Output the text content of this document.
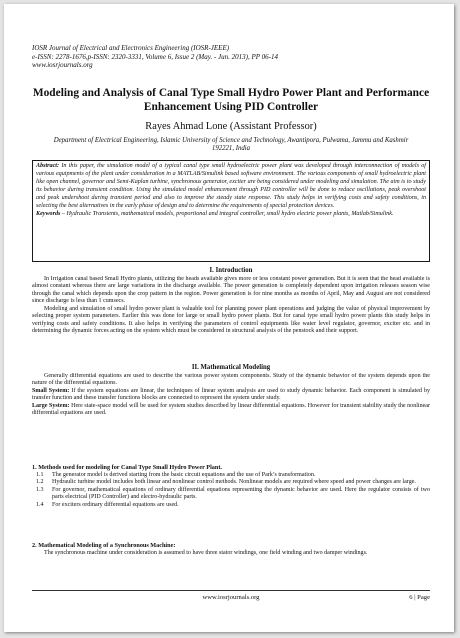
IOSR Journal of Electrical and Electronics Engineering (IOSR-JEEE)
e-ISSN: 2278-1676,p-ISSN: 2320-3331, Volume 6, Issue 2 (May. - Jun. 2013), PP 06-14
www.iosrjournals.org
Modeling and Analysis of Canal Type Small Hydro Power Plant and Performance Enhancement Using PID Controller
Rayes Ahmad Lone (Assistant Professor)
Department of Electrical Engineering, Islamic University of Science and Technology, Awantipora, Pulwama, Jammu and Kashmir 192221, India
Abstract: In this paper, the simulation model of a typical canal type small hydroelectric power plant was developed through interconnection of models of various equipments of the plant under consideration in a MATLAB/Simulink based software environment. The various components of small hydroelectric plant like open channel, governor and Semi-Kaplan turbine, synchronous generator, exciter are being considered under modeling and simulation. The aim is to study its behavior during transient condition. Using the simulated model enhancement through PID controller will be done to reduce oscillations, peak overshoot and peak undershoot during transient period and also to improve the steady state response. This study helps in verifying costs and safety conditions, in selecting the best alternatives in the early phase of design and to determine the requirements of special protection devices.
Keywords – Hydraulic Transients, mathematical models, proportional and integral controller, small hydro electric power plants, Matlab/Simulink.
I. Introduction

In Irrigation canal based Small Hydro plants, utilizing the heads available gives more or less constant power generation. But it is seen that the head available is almost constant whereas there are large variations in the discharge available. The power generation is completely dependent upon irrigation releases season wise through the canal which depends upon the crop pattern in the region. Power generation is for nine months as months of April, May and August are not considered since discharge is less than 1 cumsecs.

Modeling and simulation of small hydro power plant is valuable tool for planning power plant operations and judging the value of physical improvement by selecting proper system parameters. Earlier this was done for large or small hydro power plants. But for canal type small hydro power plants this study helps in verifying costs and safety conditions. It also helps in verifying the parameters of control equipments like water level regulator, governor, exciter etc. and in determining the dynamic forces acting on the system which must be considered in structural analysis of the penstock and their support.

II. Mathematical Modeling

Generally differential equations are used to describe the various power system components. Study of the dynamic behavior of the system depends upon the nature of the differential equations.

Small System: If the system equations are linear, the techniques of linear system analysis are used to study dynamic behavior. Each component is simulated by transfer function and these transfer functions blocks are connected to represent the system under study.

Large System: Here state-space model will be used for system studies described by linear differential equations. However for transient stability study the nonlinear differential equations are used.

1. Methods used for modeling for Canal Type Small Hydro Power Plant.
1.1 The generator model is derived starting from the basic circuit equations and the use of Park’s transformation.
1.2 Hydraulic turbine model includes both linear and nonlinear control methods. Nonlinear models are required where speed and power changes are large.
1.3 For governor, mathematical equations of ordinary differential equations representing the dynamic behavior are used. Here the regulator consists of two parts electrical (PID Controller) and electro-hydraulic parts.
1.4 For exciters ordinary differential equations are used.
2. Mathematical Modeling of a Synchronous Machine:

The synchronous machine under consideration is assumed to have three stator windings, one field winding and two damper windings.

www.iosrjournals.org	6 | Page
